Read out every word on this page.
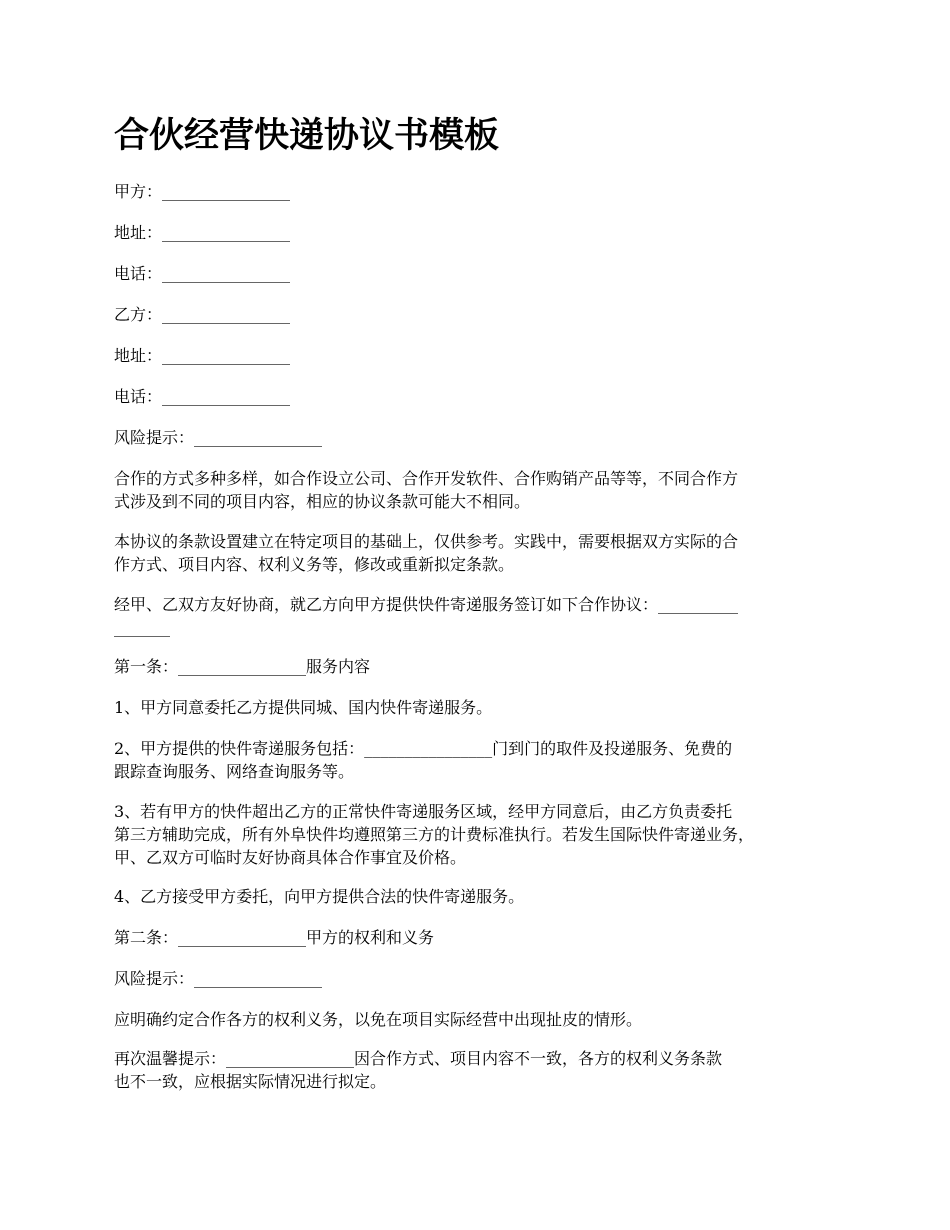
合伙经营快递协议书模板

甲方：________________

地址：________________

电话：________________

乙方：________________

地址：________________

电话：________________

风险提示：________________

合作的方式多种多样，如合作设立公司、合作开发软件、合作购销产品等等，不同合作方

式涉及到不同的项目内容，相应的协议条款可能大不相同。

本协议的条款设置建立在特定项目的基础上，仅供参考。实践中，需要根据双方实际的合

作方式、项目内容、权利义务等，修改或重新拟定条款。

经甲、乙双方友好协商，就乙方向甲方提供快件寄递服务签订如下合作协议：__________

_______

第一条：________________服务内容

1、甲方同意委托乙方提供同城、国内快件寄递服务。

2、甲方提供的快件寄递服务包括：________________门到门的取件及投递服务、免费的

跟踪查询服务、网络查询服务等。

3、若有甲方的快件超出乙方的正常快件寄递服务区域，经甲方同意后，由乙方负责委托

第三方辅助完成，所有外阜快件均遵照第三方的计费标准执行。若发生国际快件寄递业务，

甲、乙双方可临时友好协商具体合作事宜及价格。

4、乙方接受甲方委托，向甲方提供合法的快件寄递服务。

第二条：________________甲方的权利和义务

风险提示：________________

应明确约定合作各方的权利义务，以免在项目实际经营中出现扯皮的情形。

再次温馨提示：________________因合作方式、项目内容不一致，各方的权利义务条款

也不一致，应根据实际情况进行拟定。
